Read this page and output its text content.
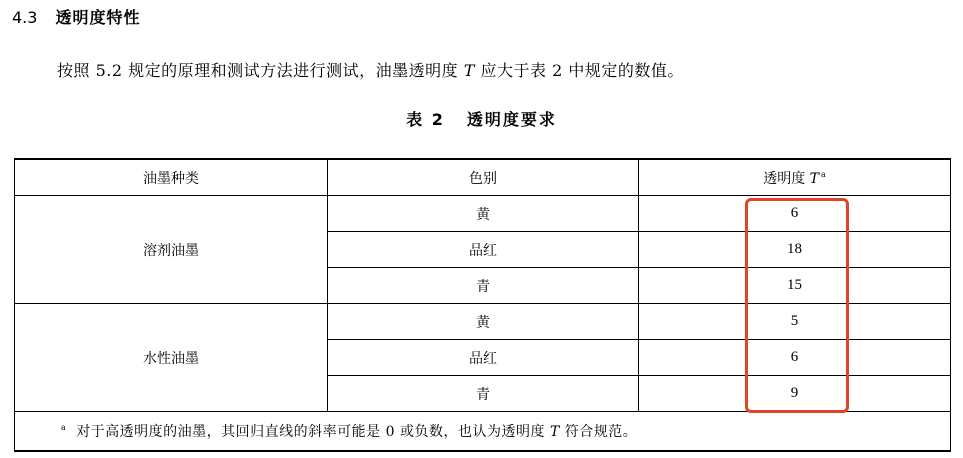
4.3 透明度特性
按照 5.2 规定的原理和测试方法进行测试，油墨透明度 T 应大于表 2 中规定的数值。
表 2 透明度要求
油墨种类	色别	透明度 T $^a$
溶剂油墨	黄	6
	品红	18
	青	15
水性油墨	黄	5
	品红	6
	青	9
$^a$ 对于高透明度的油墨，其回归直线的斜率可能是 0 或负数，也认为透明度 T 符合规范。		
